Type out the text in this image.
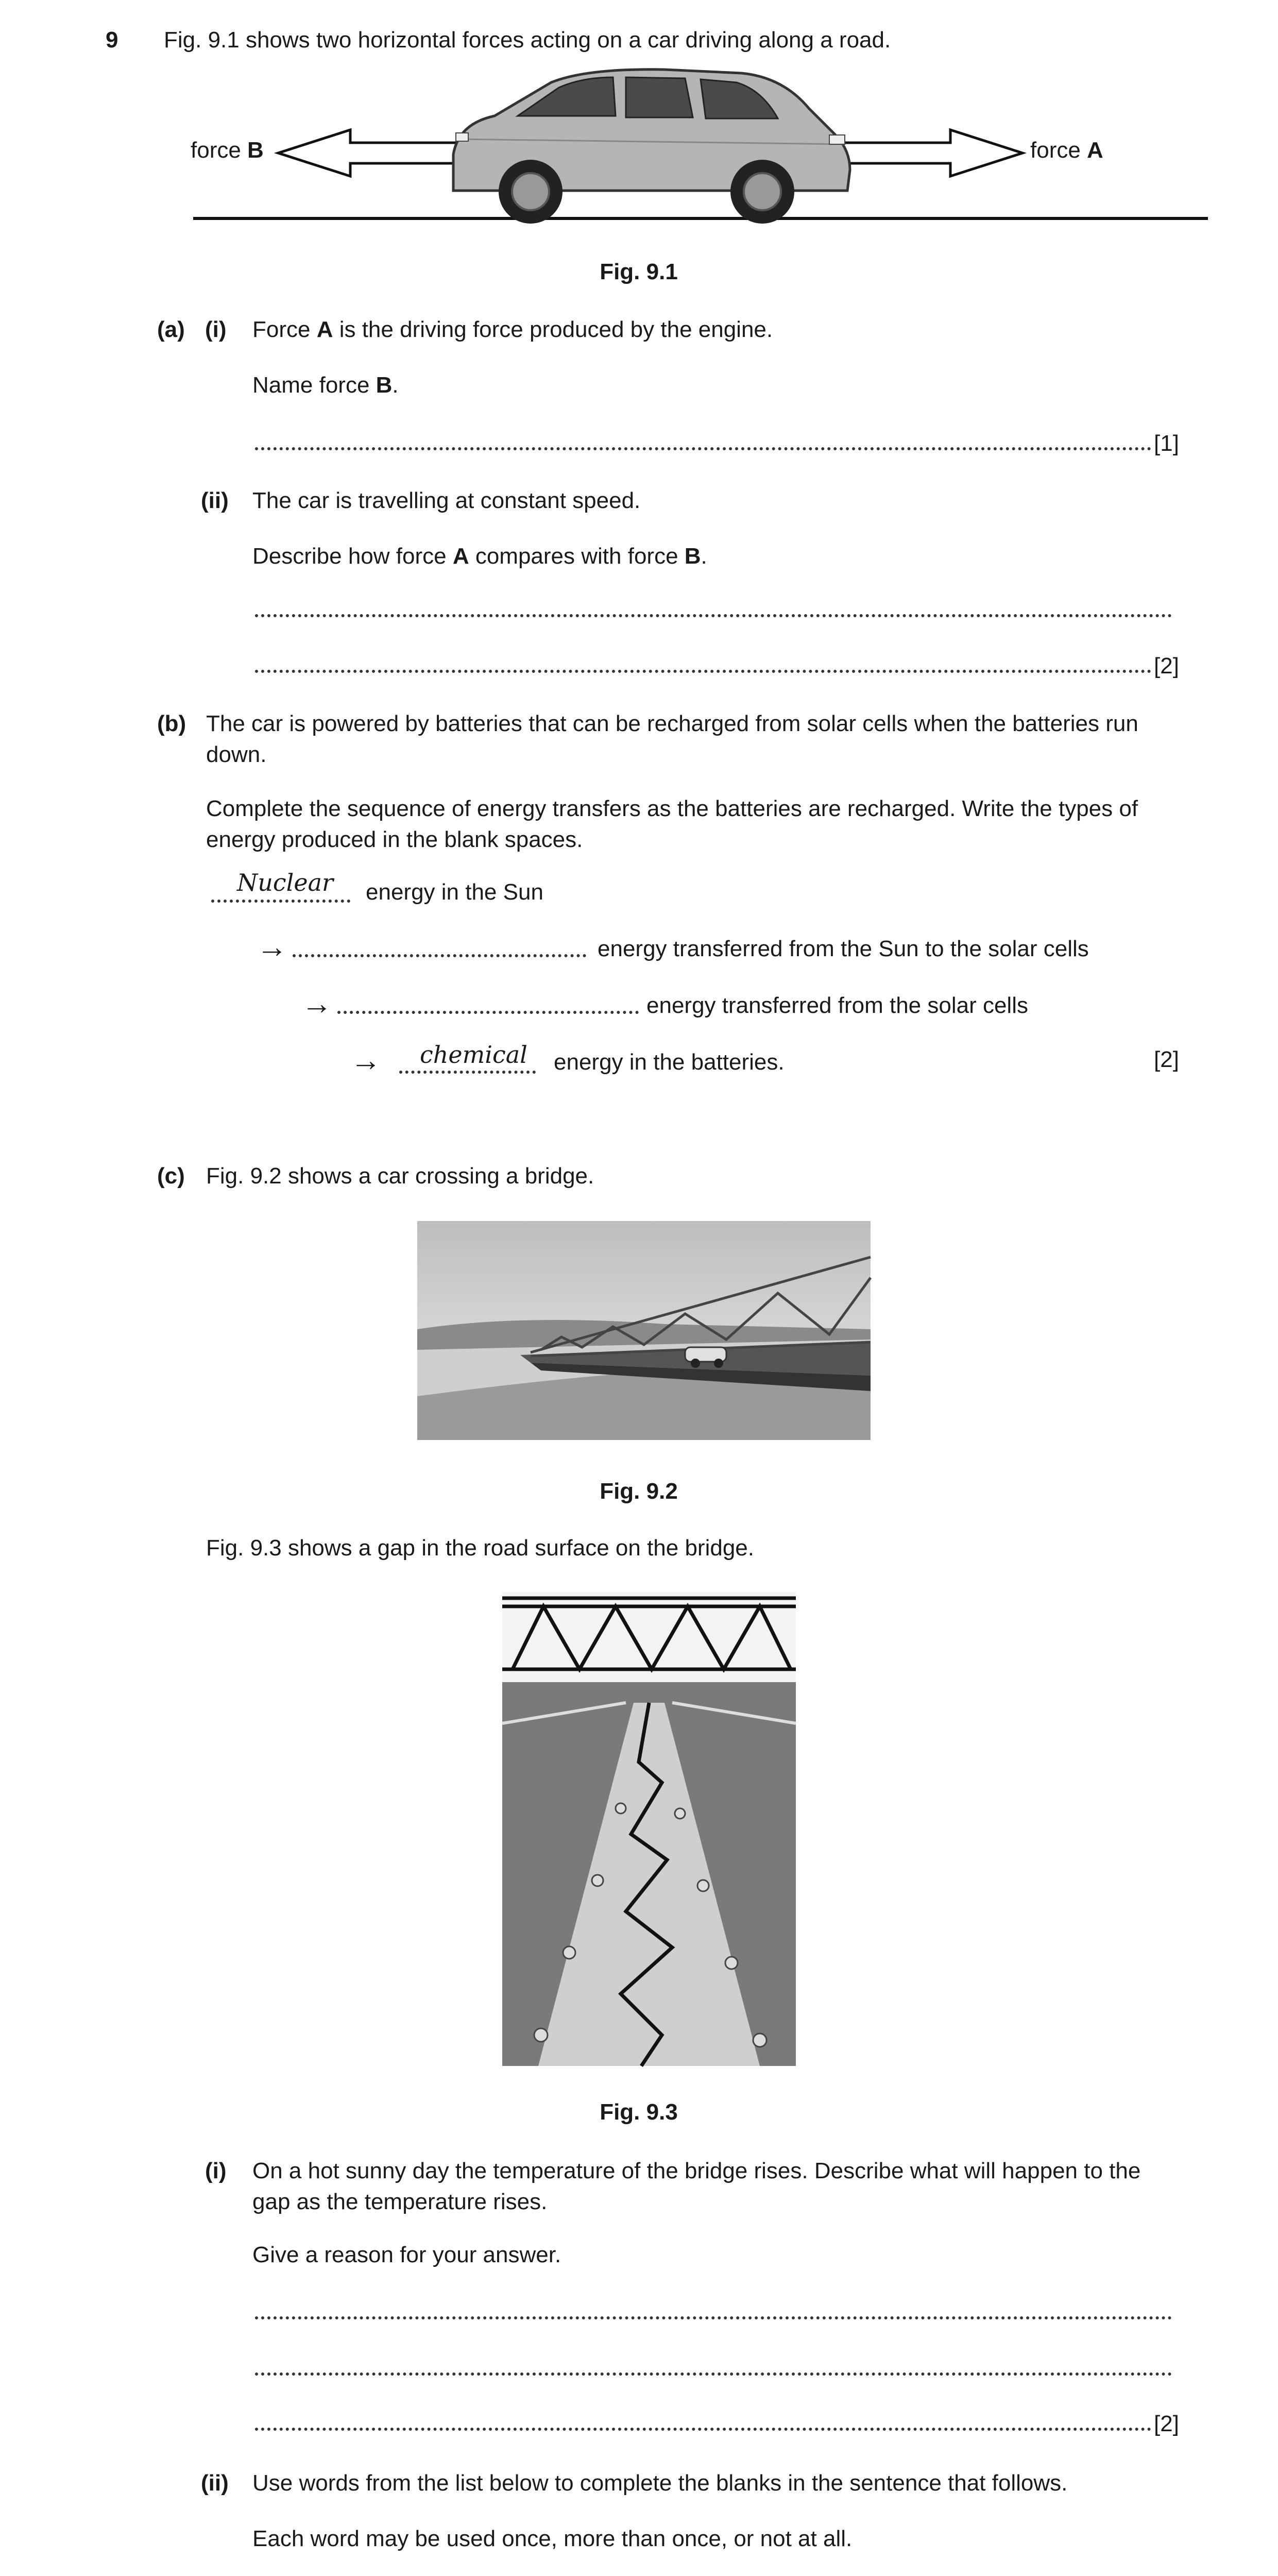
9 Fig. 9.1 shows two horizontal forces acting on a car driving along a road.
force B	force A
Fig. 9.1
(a) (i) Force A is the driving force produced by the engine.
Name force B.
[1]
(ii) The car is travelling at constant speed.
Describe how force A compares with force B.
[2]
(b) The car is powered by batteries that can be recharged from solar cells when the batteries run down.
Complete the sequence of energy transfers as the batteries are recharged. Write the types of energy produced in the blank spaces.
Nuclear energy in the Sun
→	energy transferred from the Sun to the solar cells
→	energy transferred from the solar cells
→ chemical energy in the batteries.	[2]
(c) Fig. 9.2 shows a car crossing a bridge.
Fig. 9.2
Fig. 9.3 shows a gap in the road surface on the bridge.
Fig. 9.3
(i) On a hot sunny day the temperature of the bridge rises. Describe what will happen to the gap as the temperature rises.
Give a reason for your answer.
[2]
(ii) Use words from the list below to complete the blanks in the sentence that follows.
Each word may be used once, more than once, or not at all.
